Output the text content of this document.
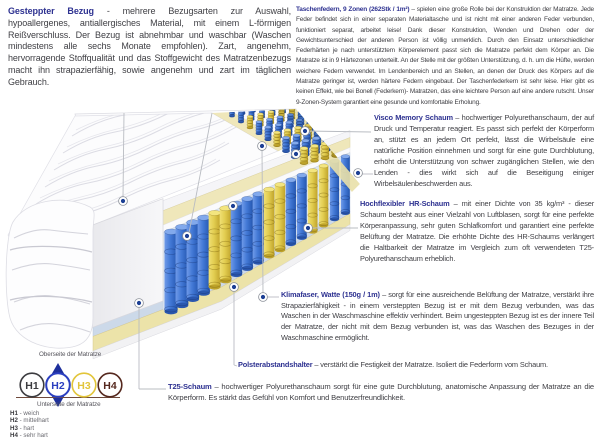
H1 H2 H3 H4
Gesteppter Bezug - mehrere Bezugsarten zur Auswahl, hypoallergenes, antiallergisches Material, mit einem L-förmigen Reißverschluss. Der Bezug ist abnehmbar und waschbar (Waschen mindestens alle sechs Monate empfohlen). Zart, angenehm, hervorragende Stoffqualität und das Stoffgewicht des Matratzenbezugs macht ihn strapazierfähig, sowie angenehm und zart im täglichen Gebrauch.
Taschenfedern, 9 Zonen (262Stk / 1m²) – spielen eine große Rolle bei der Konstruktion der Matratze. Jede Feder befindet sich in einer separaten Materialtasche und ist nicht mit einer anderen Feder verbunden, funktioniert separat, arbeitet leise! Dank dieser Konstruktion, Wenden und Drehen oder der Gewichtsunterschied der anderen Person ist völlig unmerklich. Durch den Einsatz unterschiedlicher Federhärten je nach unterstütztem Körperelement passt sich die Matratze perfekt dem Körper an. Die Matratze ist in 9 Härtezonen unterteilt. An der Stelle mit der größten Unterstützung, d. h. um die Hüfte, werden weichere Federn verwendet. Im Lendenbereich und an Stellen, an denen der Druck des Körpers auf die Matratze geringer ist, werden härtere Federn eingebaut. Der Taschenfederkern ist sehr leise. Hier gibt es keinen Effekt, wie bei Bonell (Federkern)- Matratzen, das eine leichtere Person auf eine andere rutscht. Unser 9-Zonen-System garantiert eine gesunde und komfortable Erholung.
Visco Memory Schaum – hochwertiger Polyurethanschaum, der auf Druck und Temperatur reagiert. Es passt sich perfekt der Körperform an, stützt es an jedem Ort perfekt, lässt die Wirbelsäule eine natürliche Position einnehmen und sorgt für eine gute Durchblutung, erhöht die Unterstützung von schwer zugänglichen Stellen, wie den Lenden - dies wirkt sich auf die Beseitigung einiger Wirbelsäulenbeschwerden aus.
Hochflexibler HR-Schaum – mit einer Dichte von 35 kg/m³ - dieser Schaum besteht aus einer Vielzahl von Luftblasen, sorgt für eine perfekte Körperanpassung, sehr guten Schlafkomfort und garantiert eine perfekte Belüftung der Matratze. Die erhöhte Dichte des HR-Schaums verlängert die Haltbarkeit der Matratze im Vergleich zum oft verwendeten T25-Polyurethanschaum erheblich.
Klimafaser, Watte (150g / 1m) – sorgt für eine ausreichende Belüftung der Matratze, verstärkt ihre Strapazierfähigkeit - in einem versteppten Bezug ist er mit dem Bezug verbunden, was das Waschen in der Waschmaschine effektiv verhindert. Beim ungesteppten Bezug ist es der innere Teil der Matratze, der nicht mit dem Bezug verbunden ist, was das Waschen des Bezuges in der Waschmaschine ermöglicht.
Polsterabstandshalter – verstärkt die Festigkeit der Matratze. Isoliert die Federform vom Schaum.
T25-Schaum – hochwertiger Polyurethanschaum sorgt für eine gute Durchblutung, anatomische Anpassung der Matratze an die Körperform. Es stärkt das Gefühl von Komfort und Benutzerfreundlichkeit.
Oberseite der Matratze
Unterseite der Matratze
H1 - weich
H2 - mittelhart
H3 - hart
H4 - sehr hart
